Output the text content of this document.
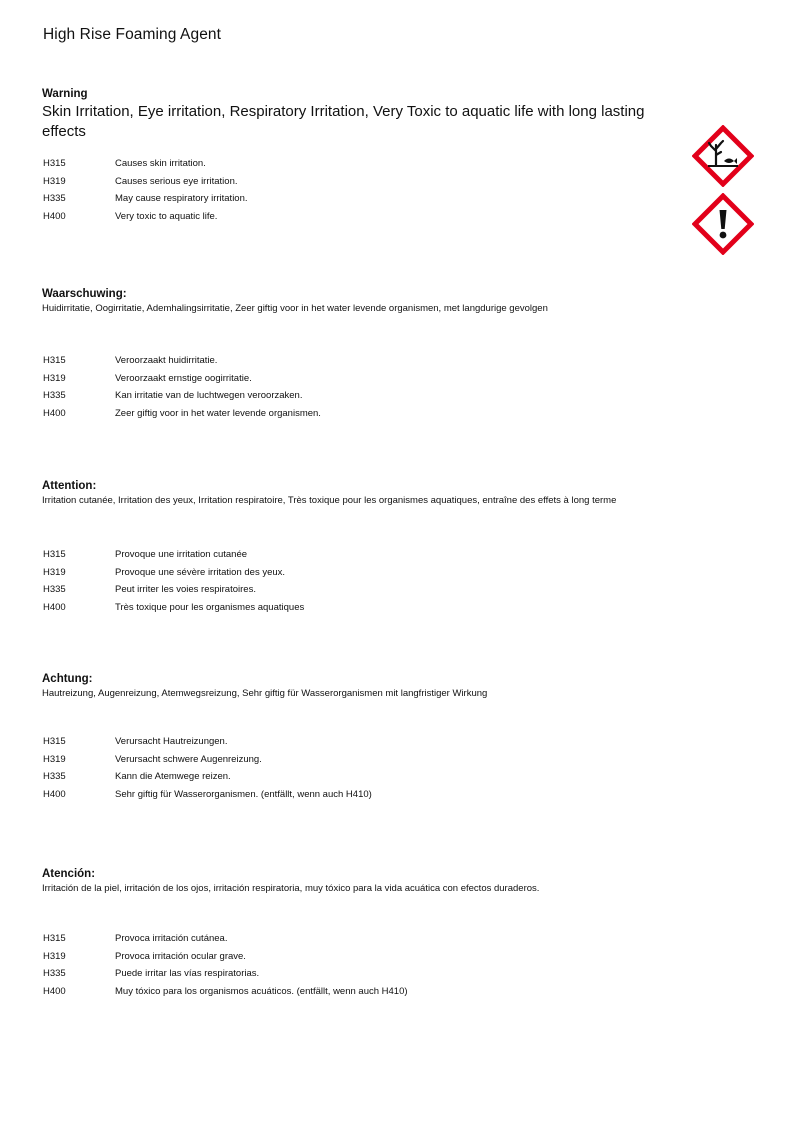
High Rise Foaming Agent
Warning
Skin Irritation, Eye irritation, Respiratory Irritation, Very Toxic to aquatic life with long lasting effects
H315	Causes skin irritation.
H319	Causes serious eye irritation.
H335	May cause respiratory irritation.
H400	Very toxic to aquatic life.
Waarschuwing:
Huidirritatie, Oogirritatie, Ademhalingsirritatie, Zeer giftig voor in het water levende organismen, met langdurige gevolgen
H315	Veroorzaakt huidirritatie.
H319	Veroorzaakt ernstige oogirritatie.
H335	Kan irritatie van de luchtwegen veroorzaken.
H400	Zeer giftig voor in het water levende organismen.
Attention:
Irritation cutanée, Irritation des yeux, Irritation respiratoire, Très toxique pour les organismes aquatiques, entraîne des effets à long terme
H315	Provoque une irritation cutanée
H319	Provoque une sévère irritation des yeux.
H335	Peut irriter les voies respiratoires.
H400	Très toxique pour les organismes aquatiques
Achtung:
Hautreizung, Augenreizung, Atemwegsreizung, Sehr giftig für Wasserorganismen mit langfristiger Wirkung
H315	Verursacht Hautreizungen.
H319	Verursacht schwere Augenreizung.
H335	Kann die Atemwege reizen.
H400	Sehr giftig für Wasserorganismen. (entfällt, wenn auch H410)
Atención:
Irritación de la piel, irritación de los ojos, irritación respiratoria, muy tóxico para la vida acuática con efectos duraderos.
H315	Provoca irritación cutánea.
H319	Provoca irritación ocular grave.
H335	Puede irritar las vías respiratorias.
H400	Muy tóxico para los organismos acuáticos. (entfällt, wenn auch H410)
